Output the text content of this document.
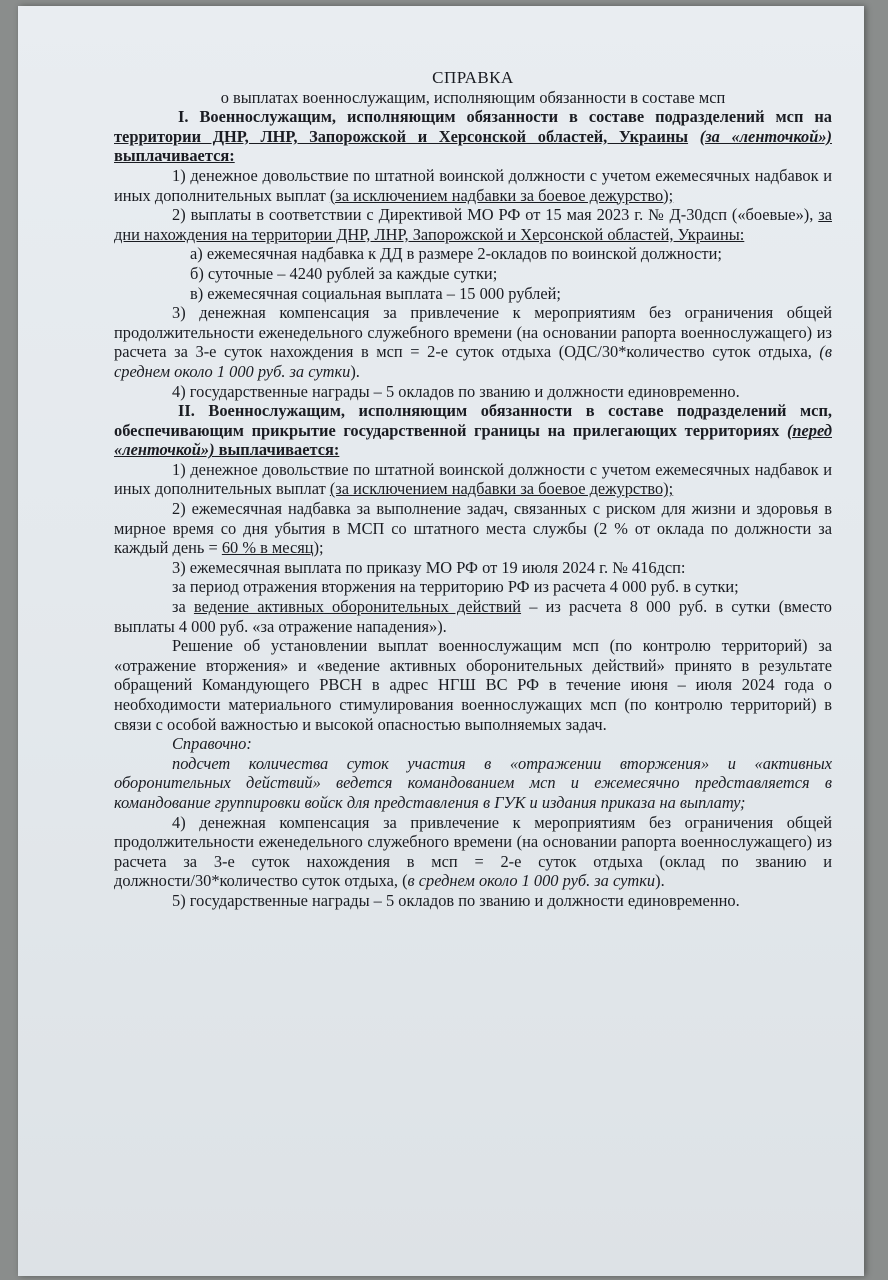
СПРАВКА

о выплатах военнослужащим, исполняющим обязанности в составе мсп

I. Военнослужащим, исполняющим обязанности в составе подразделений мсп на территории ДНР, ЛНР, Запорожской и Херсонской областей, Украины (за «ленточкой») выплачивается:

1) денежное довольствие по штатной воинской должности с учетом ежемесячных надбавок и иных дополнительных выплат (за исключением надбавки за боевое дежурство);

2) выплаты в соответствии с Директивой МО РФ от 15 мая 2023 г. № Д-30дсп («боевые»), за дни нахождения на территории ДНР, ЛНР, Запорожской и Херсонской областей, Украины:

а) ежемесячная надбавка к ДД в размере 2-окладов по воинской должности;

б) суточные – 4240 рублей за каждые сутки;

в) ежемесячная социальная выплата – 15 000 рублей;

3) денежная компенсация за привлечение к мероприятиям без ограничения общей продолжительности еженедельного служебного времени (на основании рапорта военнослужащего) из расчета за 3-е суток нахождения в мсп = 2-е суток отдыха (ОДС/30*количество суток отдыха, (в среднем около 1 000 руб. за сутки).

4) государственные награды – 5 окладов по званию и должности единовременно.

II. Военнослужащим, исполняющим обязанности в составе подразделений мсп, обеспечивающим прикрытие государственной границы на прилегающих территориях (перед «ленточкой») выплачивается:

1) денежное довольствие по штатной воинской должности с учетом ежемесячных надбавок и иных дополнительных выплат (за исключением надбавки за боевое дежурство);

2) ежемесячная надбавка за выполнение задач, связанных с риском для жизни и здоровья в мирное время со дня убытия в МСП со штатного места службы (2 % от оклада по должности за каждый день = 60 % в месяц);

3) ежемесячная выплата по приказу МО РФ от 19 июля 2024 г. № 416дсп:

за период отражения вторжения на территорию РФ из расчета 4 000 руб. в сутки;

за ведение активных оборонительных действий – из расчета 8 000 руб. в сутки (вместо выплаты 4 000 руб. «за отражение нападения»).

Решение об установлении выплат военнослужащим мсп (по контролю территорий) за «отражение вторжения» и «ведение активных оборонительных действий» принято в результате обращений Командующего РВСН в адрес НГШ ВС РФ в течение июня – июля 2024 года о необходимости материального стимулирования военнослужащих мсп (по контролю территорий) в связи с особой важностью и высокой опасностью выполняемых задач.

Справочно:

подсчет количества суток участия в «отражении вторжения» и «активных оборонительных действий» ведется командованием мсп и ежемесячно представляется в командование группировки войск для представления в ГУК и издания приказа на выплату;

4) денежная компенсация за привлечение к мероприятиям без ограничения общей продолжительности еженедельного служебного времени (на основании рапорта военнослужащего) из расчета за 3-е суток нахождения в мсп = 2-е суток отдыха (оклад по званию и должности/30*количество суток отдыха, (в среднем около 1 000 руб. за сутки).

5) государственные награды – 5 окладов по званию и должности единовременно.
